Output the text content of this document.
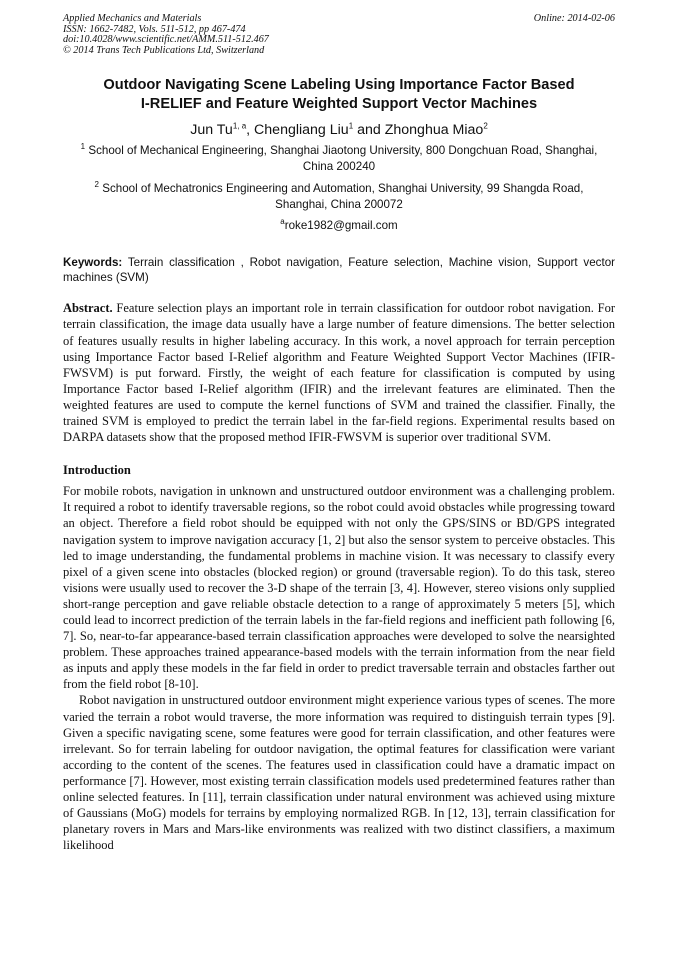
Applied Mechanics and Materials
ISSN: 1662-7482, Vols. 511-512, pp 467-474
doi:10.4028/www.scientific.net/AMM.511-512.467
© 2014 Trans Tech Publications Ltd, Switzerland
Online: 2014-02-06
Outdoor Navigating Scene Labeling Using Importance Factor Based
I-RELIEF and Feature Weighted Support Vector Machines
Jun Tu$^{1, a}$, Chengliang Liu$^1$ and Zhonghua Miao$^2$
$^1$ School of Mechanical Engineering, Shanghai Jiaotong University, 800 Dongchuan Road, Shanghai, China 200240
$^2$ School of Mechatronics Engineering and Automation, Shanghai University, 99 Shangda Road, Shanghai, China 200072
$^a$roke1982@gmail.com
Keywords: Terrain classification , Robot navigation, Feature selection, Machine vision, Support vector machines (SVM)
Abstract. Feature selection plays an important role in terrain classification for outdoor robot navigation. For terrain classification, the image data usually have a large number of feature dimensions. The better selection of features usually results in higher labeling accuracy. In this work, a novel approach for terrain perception using Importance Factor based I-Relief algorithm and Feature Weighted Support Vector Machines (IFIR-FWSVM) is put forward. Firstly, the weight of each feature for classification is computed by using Importance Factor based I-Relief algorithm (IFIR) and the irrelevant features are eliminated. Then the weighted features are used to compute the kernel functions of SVM and trained the classifier. Finally, the trained SVM is employed to predict the terrain label in the far-field regions. Experimental results based on DARPA datasets show that the proposed method IFIR-FWSVM is superior over traditional SVM.
Introduction
For mobile robots, navigation in unknown and unstructured outdoor environment was a challenging problem. It required a robot to identify traversable regions, so the robot could avoid obstacles while progressing toward an object. Therefore a field robot should be equipped with not only the GPS/SINS or BD/GPS integrated navigation system to improve navigation accuracy [1, 2] but also the sensor system to perceive obstacles. This led to image understanding, the fundamental problems in machine vision. It was necessary to classify every pixel of a given scene into obstacles (blocked region) or ground (traversable region). To do this task, stereo visions were usually used to recover the 3-D shape of the terrain [3, 4]. However, stereo visions only supplied short-range perception and gave reliable obstacle detection to a range of approximately 5 meters [5], which could lead to incorrect prediction of the terrain labels in the far-field regions and inefficient path following [6, 7]. So, near-to-far appearance-based terrain classification approaches were developed to solve the nearsighted problem. These approaches trained appearance-based models with the terrain information from the near field as inputs and apply these models in the far field in order to predict traversable terrain and obstacles farther out from the field robot [8-10].
Robot navigation in unstructured outdoor environment might experience various types of scenes. The more varied the terrain a robot would traverse, the more information was required to distinguish terrain types [9]. Given a specific navigating scene, some features were good for terrain classification, and other features were irrelevant. So for terrain labeling for outdoor navigation, the optimal features for classification were variant according to the content of the scenes. The features used in classification could have a dramatic impact on performance [7]. However, most existing terrain classification models used predetermined features rather than online selected features. In [11], terrain classification under natural environment was achieved using mixture of Gaussians (MoG) models for terrains by employing normalized RGB. In [12, 13], terrain classification for planetary rovers in Mars and Mars-like environments was realized with two distinct classifiers, a maximum likelihood
